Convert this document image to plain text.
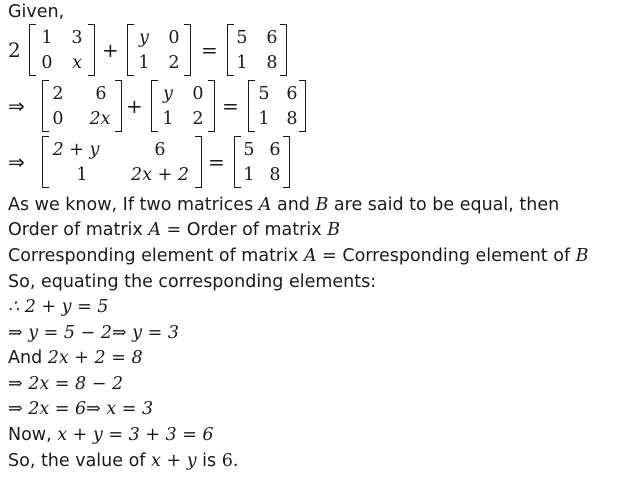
Given,
2 1 3
0 x
+	y	0
1	2
= 5 6
1 8
⇒ 2	6
0	2x
+	y	0
1	2
= 5 6
1 8
⇒	2 + y	6
1	2x + 2
= 5 6
1 8
As we know, If two matrices A and B are said to be equal, then
Order of matrix A = Order of matrix B
Corresponding element of matrix A = Corresponding element of B
So, equating the corresponding elements:
∴ 2 + y = 5
⇒ y = 5 − 2⇒ y = 3
And 2x + 2 = 8
⇒ 2x = 8 − 2
⇒ 2x = 6⇒ x = 3
Now, x + y = 3 + 3 = 6
So, the value of x + y is 6.
